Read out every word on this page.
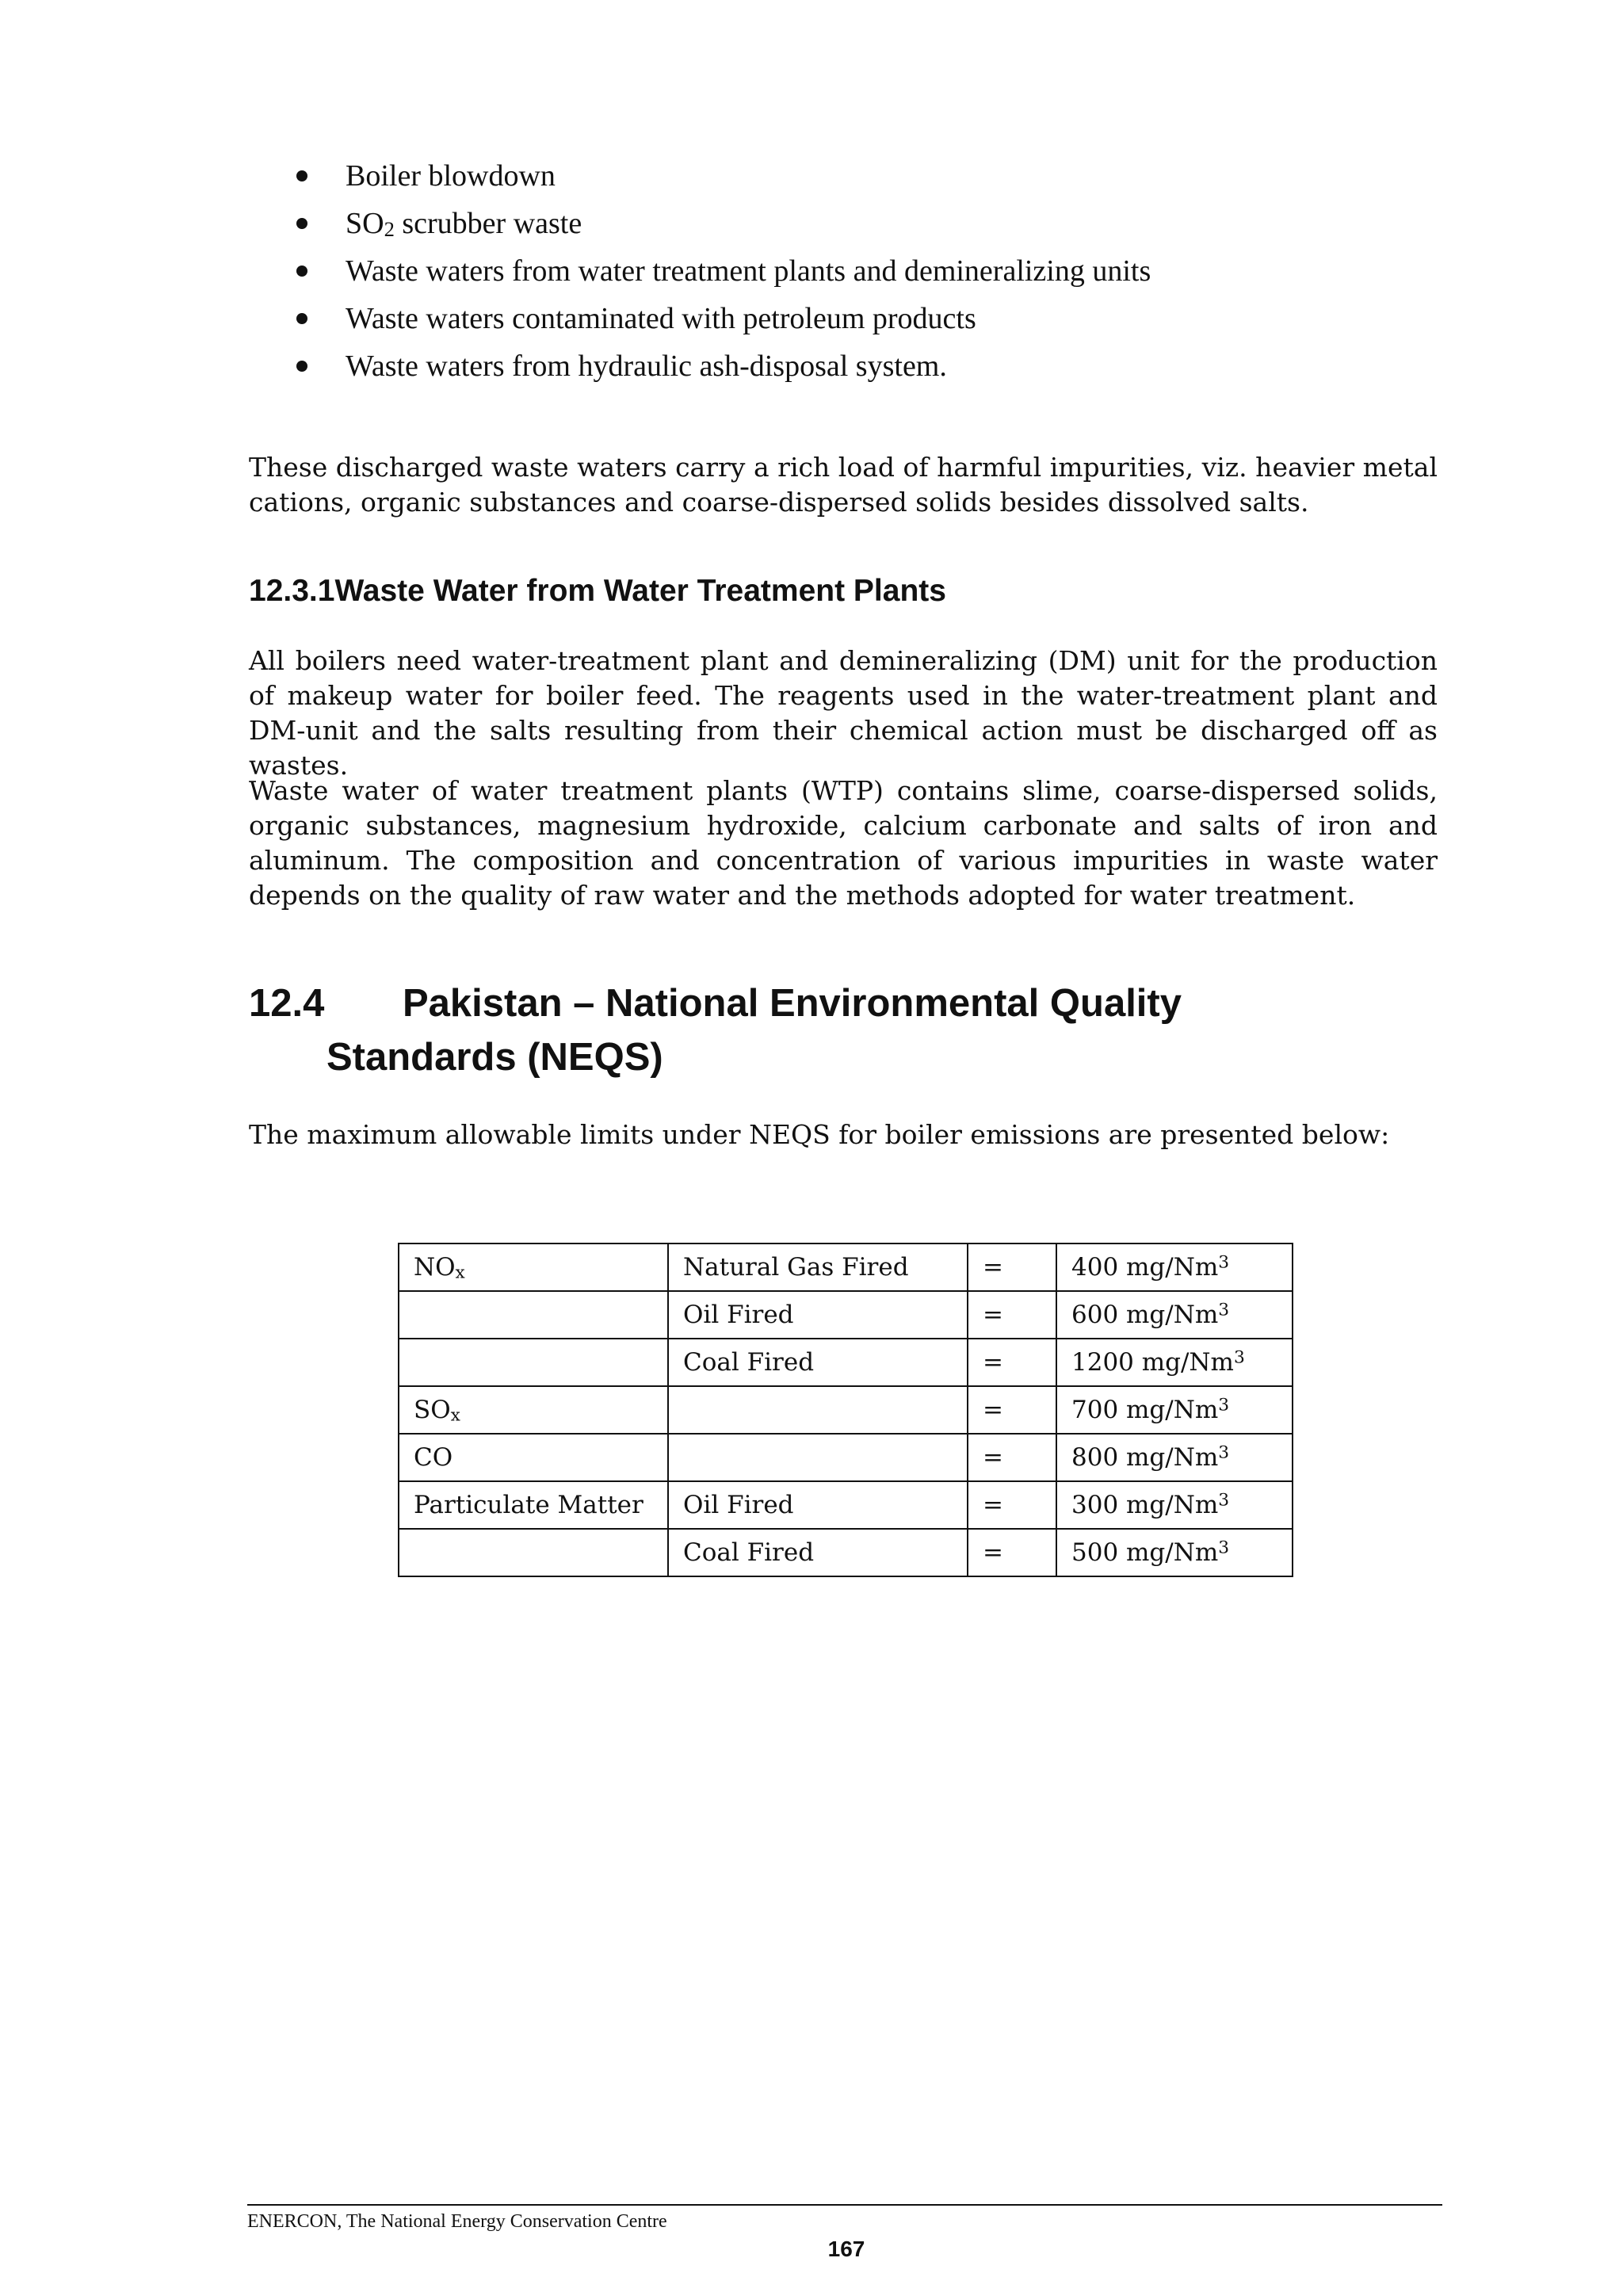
Boiler blowdown
$SO_2$ scrubber waste
Waste waters from water treatment plants and demineralizing units
Waste waters contaminated with petroleum products
Waste waters from hydraulic ash-disposal system.

These discharged waste waters carry a rich load of harmful impurities, viz. heavier metal cations, organic substances and coarse-dispersed solids besides dissolved salts.

12.3.1Waste Water from Water Treatment Plants

All boilers need water-treatment plant and demineralizing (DM) unit for the production of makeup water for boiler feed. The reagents used in the water-treatment plant and DM-unit and the salts resulting from their chemical action must be discharged off as wastes.

Waste water of water treatment plants (WTP) contains slime, coarse-dispersed solids, organic substances, magnesium hydroxide, calcium carbonate and salts of iron and aluminum. The composition and concentration of various impurities in waste water depends on the quality of raw water and the methods adopted for water treatment.

12.4 Pakistan – National Environmental Quality
Standards (NEQS)

The maximum allowable limits under NEQS for boiler emissions are presented below:

$NO_x$	Natural Gas Fired	=	400 mg/Nm$^3$
	Oil Fired	=	600 mg/Nm$^3$
	Coal Fired	=	1200 mg/Nm$^3$
$SO_x$		=	700 mg/Nm$^3$
CO		=	800 mg/Nm$^3$
Particulate Matter	Oil Fired	=	300 mg/Nm$^3$
	Coal Fired	=	500 mg/Nm$^3$
ENERCON, The National Energy Conservation Centre
167
